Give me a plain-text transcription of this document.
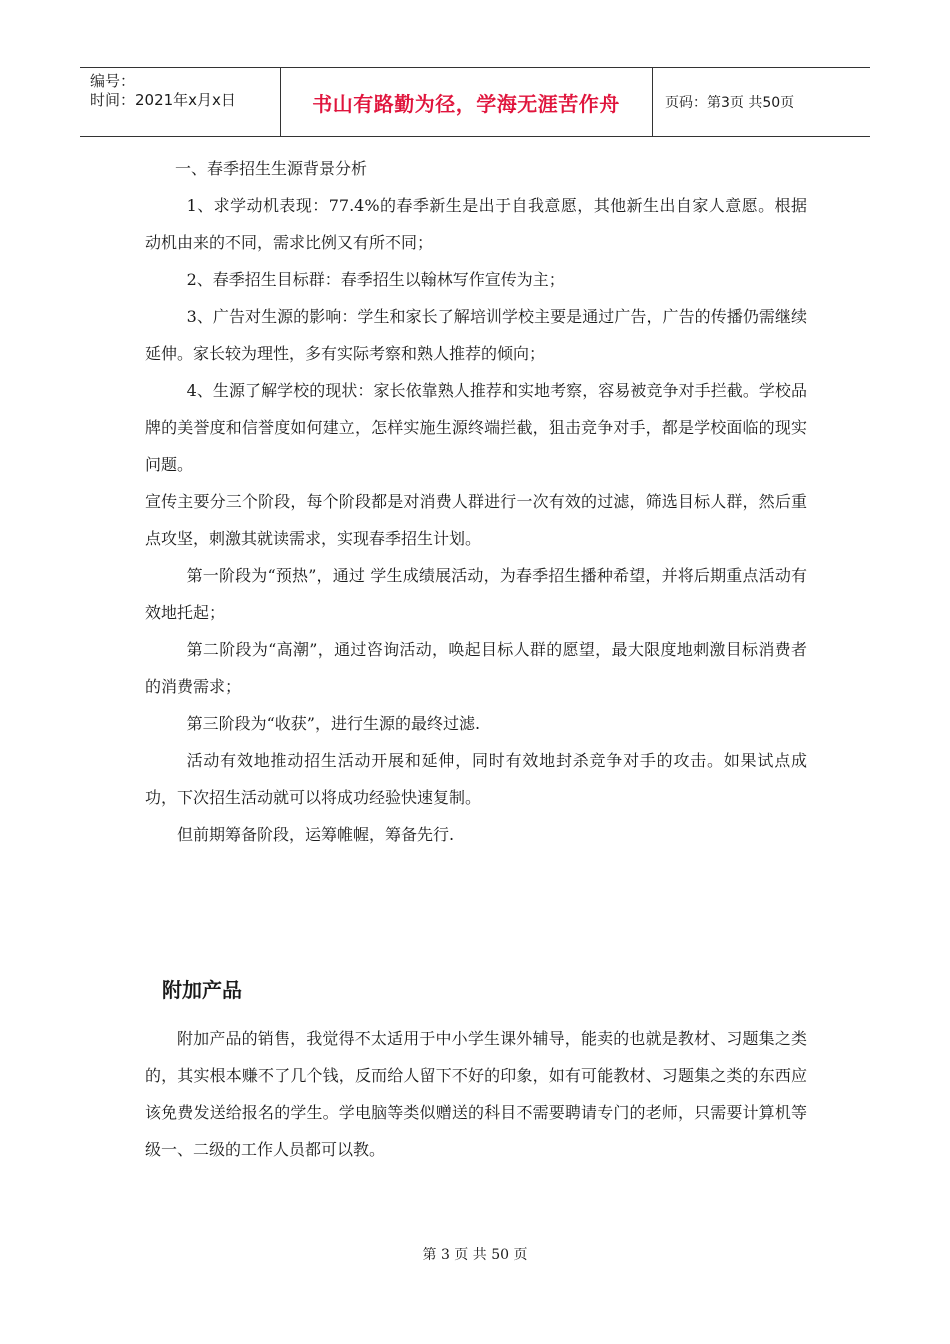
编号：
时间：2021年x月x日	书山有路勤为径，学海无涯苦作舟	页码：第3页 共50页

一、春季招生生源背景分析

1、求学动机表现：77.4%的春季新生是出于自我意愿，其他新生出自家人意愿。根据动机由来的不同，需求比例又有所不同；

2、春季招生目标群：春季招生以翰林写作宣传为主；

3、广告对生源的影响：学生和家长了解培训学校主要是通过广告，广告的传播仍需继续延伸。家长较为理性，多有实际考察和熟人推荐的倾向；

4、生源了解学校的现状：家长依靠熟人推荐和实地考察，容易被竞争对手拦截。学校品牌的美誉度和信誉度如何建立，怎样实施生源终端拦截，狙击竞争对手，都是学校面临的现实问题。

宣传主要分三个阶段，每个阶段都是对消费人群进行一次有效的过滤，筛选目标人群，然后重点攻坚，刺激其就读需求，实现春季招生计划。

第一阶段为“预热”，通过 学生成绩展活动，为春季招生播种希望，并将后期重点活动有效地托起；

第二阶段为“高潮”，通过咨询活动，唤起目标人群的愿望，最大限度地刺激目标消费者的消费需求；

第三阶段为“收获”，进行生源的最终过滤.

活动有效地推动招生活动开展和延伸，同时有效地封杀竞争对手的攻击。如果试点成功，下次招生活动就可以将成功经验快速复制。

但前期筹备阶段，运筹帷幄，筹备先行.

附加产品

附加产品的销售，我觉得不太适用于中小学生课外辅导，能卖的也就是教材、习题集之类的，其实根本赚不了几个钱，反而给人留下不好的印象，如有可能教材、习题集之类的东西应该免费发送给报名的学生。学电脑等类似赠送的科目不需要聘请专门的老师，只需要计算机等级一、二级的工作人员都可以教。

第 3 页 共 50 页
